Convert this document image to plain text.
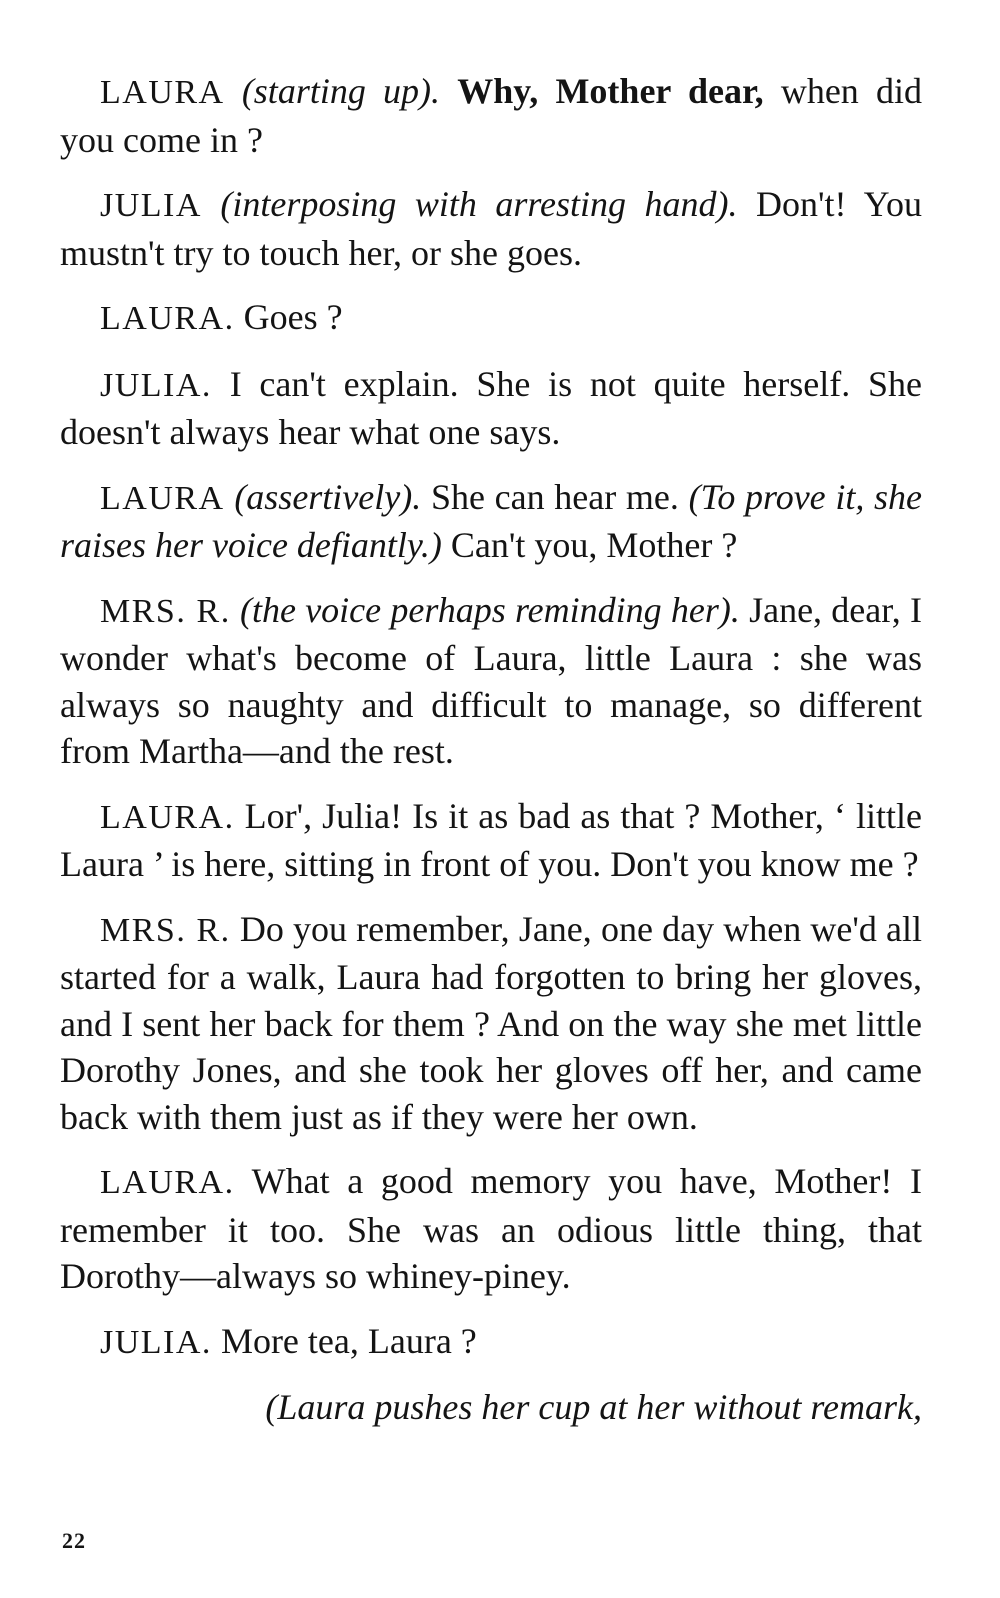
LAURA (starting up). Why, Mother dear, when did you come in ?

JULIA (interposing with arresting hand). Don't! You mustn't try to touch her, or she goes.

LAURA. Goes ?

JULIA. I can't explain. She is not quite herself. She doesn't always hear what one says.

LAURA (assertively). She can hear me. (To prove it, she raises her voice defiantly.) Can't you, Mother ?

MRS. R. (the voice perhaps reminding her). Jane, dear, I wonder what's become of Laura, little Laura : she was always so naughty and difficult to manage, so different from Martha—and the rest.

LAURA. Lor', Julia! Is it as bad as that ? Mother, ‘ little Laura ’ is here, sitting in front of you. Don't you know me ?

MRS. R. Do you remember, Jane, one day when we'd all started for a walk, Laura had forgotten to bring her gloves, and I sent her back for them ? And on the way she met little Dorothy Jones, and she took her gloves off her, and came back with them just as if they were her own.

LAURA. What a good memory you have, Mother! I remember it too. She was an odious little thing, that Dorothy—always so whiney-piney.

JULIA. More tea, Laura ?

(Laura pushes her cup at her without remark,

22
